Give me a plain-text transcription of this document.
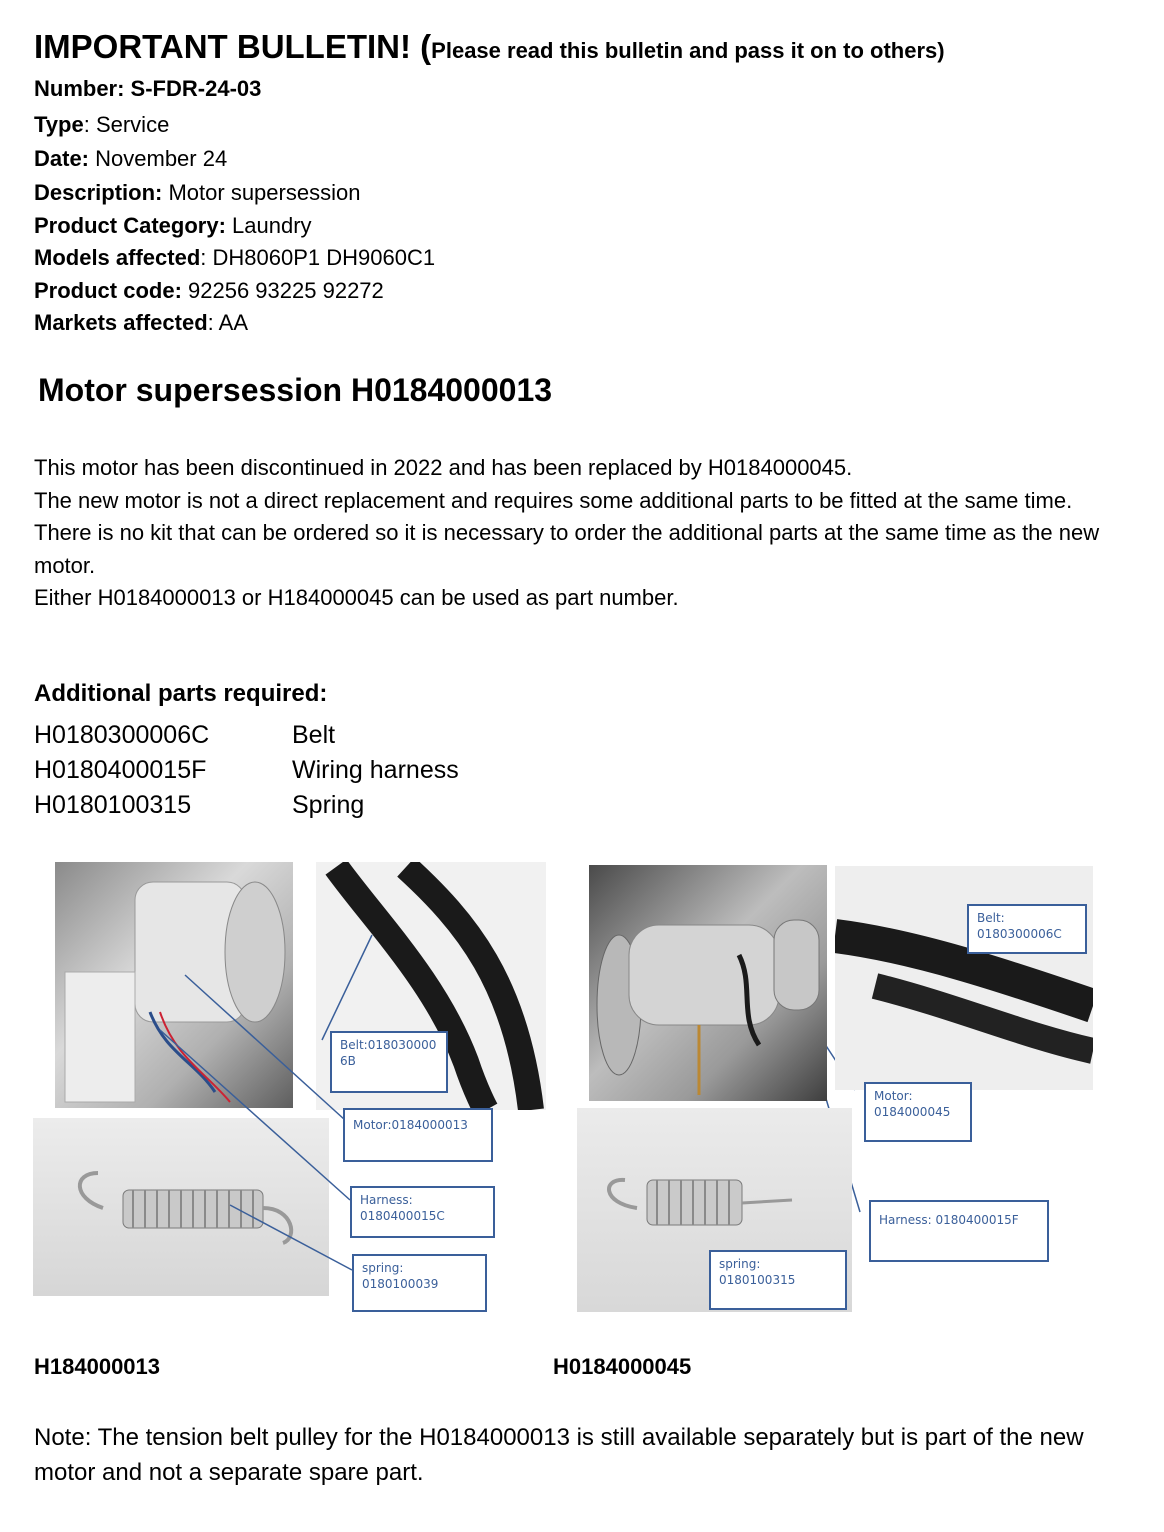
IMPORTANT BULLETIN! (Please read this bulletin and pass it on to others)
Number: S-FDR-24-03
Type: Service
Date: November 24
Description: Motor supersession
Product Category: Laundry
Models affected: DH8060P1 DH9060C1
Product code: 92256 93225 92272
Markets affected: AA
Motor supersession H0184000013
This motor has been discontinued in 2022 and has been replaced by H0184000045.
The new motor is not a direct replacement and requires some additional parts to be fitted at the same time.
There is no kit that can be ordered so it is necessary to order the additional parts at the same time as the new motor.
Either H0184000013 or H184000045 can be used as part number.
Additional parts required:
H0180300006C	Belt
H0180400015F	Wiring harness
H0180100315	Spring
Belt:018030000
6B
Motor:0184000013
Harness:
0180400015C
spring:
0180100039
Belt:
0180300006C
Motor:
0184000045
Harness: 0180400015F
spring:
0180100315
H184000013	H0184000045
Note: The tension belt pulley for the H0184000013 is still available separately but is part of the new motor and not a separate spare part.
